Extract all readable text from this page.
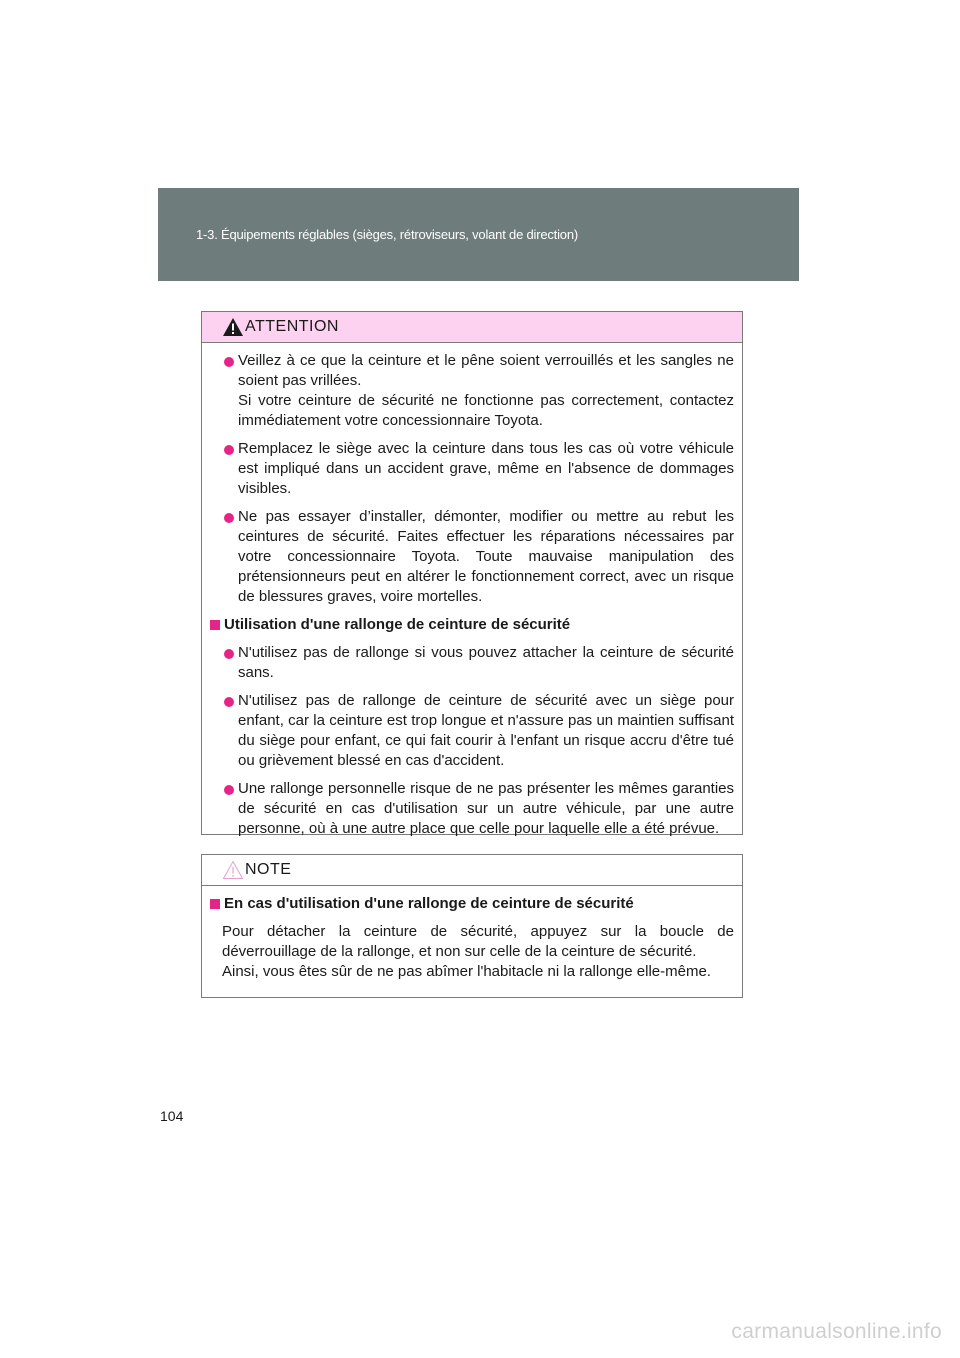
1-3. Équipements réglables (sièges, rétroviseurs, volant de direction)
ATTENTION

Veillez à ce que la ceinture et le pêne soient verrouillés et les sangles ne soient pas vrillées.

Si votre ceinture de sécurité ne fonctionne pas correctement, contactez immédiatement votre concessionnaire Toyota.

Remplacez le siège avec la ceinture dans tous les cas où votre véhicule est impliqué dans un accident grave, même en l'absence de dommages visibles.

Ne pas essayer d’installer, démonter, modifier ou mettre au rebut les ceintures de sécurité. Faites effectuer les réparations nécessaires par votre concessionnaire Toyota. Toute mauvaise manipulation des prétensionneurs peut en altérer le fonctionnement correct, avec un risque de blessures graves, voire mortelles.

Utilisation d'une rallonge de ceinture de sécurité

N'utilisez pas de rallonge si vous pouvez attacher la ceinture de sécurité sans.

N'utilisez pas de rallonge de ceinture de sécurité avec un siège pour enfant, car la ceinture est trop longue et n'assure pas un maintien suffisant du siège pour enfant, ce qui fait courir à l'enfant un risque accru d'être tué ou grièvement blessé en cas d'accident.

Une rallonge personnelle risque de ne pas présenter les mêmes garanties de sécurité en cas d'utilisation sur un autre véhicule, par une autre personne, où à une autre place que celle pour laquelle elle a été prévue.

NOTE
En cas d'utilisation d'une rallonge de ceinture de sécurité

Pour détacher la ceinture de sécurité, appuyez sur la boucle de déverrouillage de la rallonge, et non sur celle de la ceinture de sécurité.

Ainsi, vous êtes sûr de ne pas abîmer l'habitacle ni la rallonge elle-même.

104
carmanualsonline.info
